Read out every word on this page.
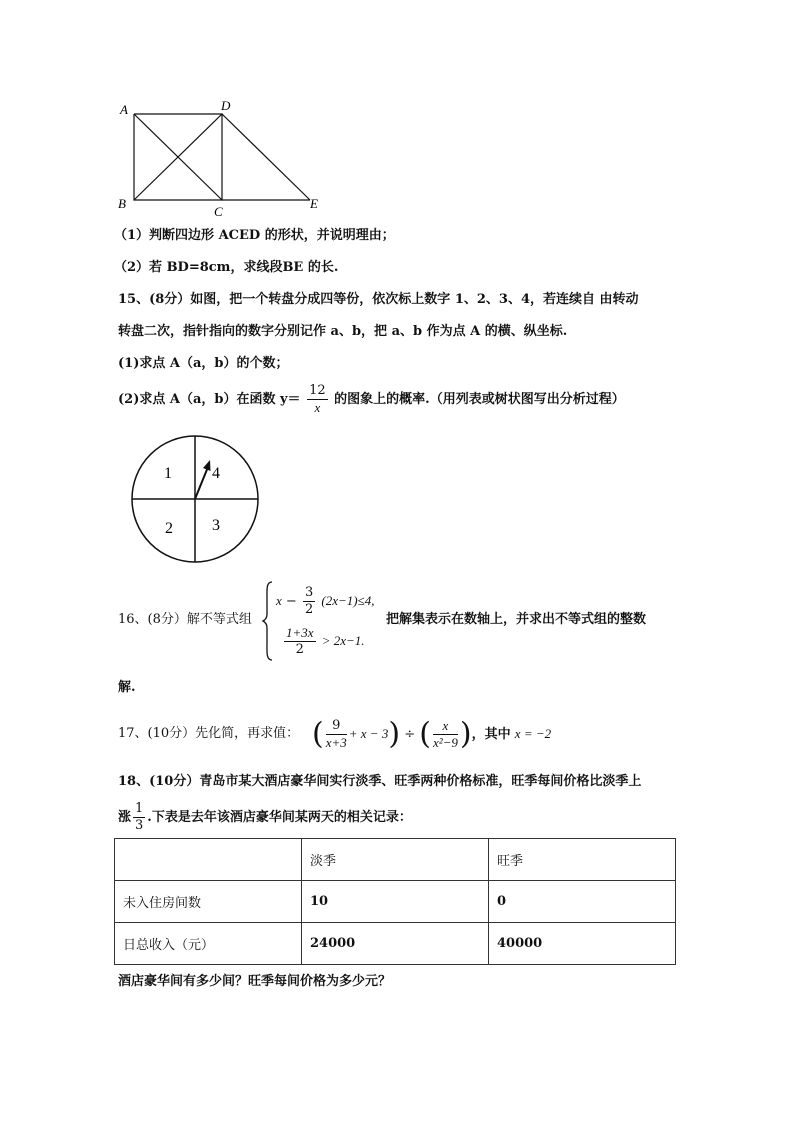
A	D
B
C
E
（1）判断四边形 ACED 的形状，并说明理由；
（2）若 BD=8cm，求线段BE 的长.
15、(8分）如图，把一个转盘分成四等份，依次标上数字 1、2、3、4，若连续自 由转动
转盘二次，指针指向的数字分别记作 a、b，把 a、b 作为点 A 的横、纵坐标.
(1)求点 A（a，b）的个数；
(2)求点 A（a，b）在函数 $y= \frac{12}{x}$ 的图象上的概率.（用列表或树状图写出分析过程）
1	4
2 3
16、(8分）解不等式组
$x - \frac{3}{2} (2x-1)\le 4$,
$\frac{1+3x}{2} > 2x-1$.
把解集表示在数轴上，并求出不等式组的整数
解.
17、(10分）先化简，再求值： ( $\frac{9}{x+3} + x - 3$) ÷ ( $\frac{x}{\text{x²−9}}$ )，其中 x = −2
18、(10分）青岛市某大酒店豪华间实行淡季、旺季两种价格标准，旺季每间价格比淡季上
涨 $\frac{1}{3}$ .下表是去年该酒店豪华间某两天的相关记录：
	淡季	旺季
未入住房间数	10	0
日总收入（元）	24000	40000
酒店豪华间有多少间？旺季每间价格为多少元？
